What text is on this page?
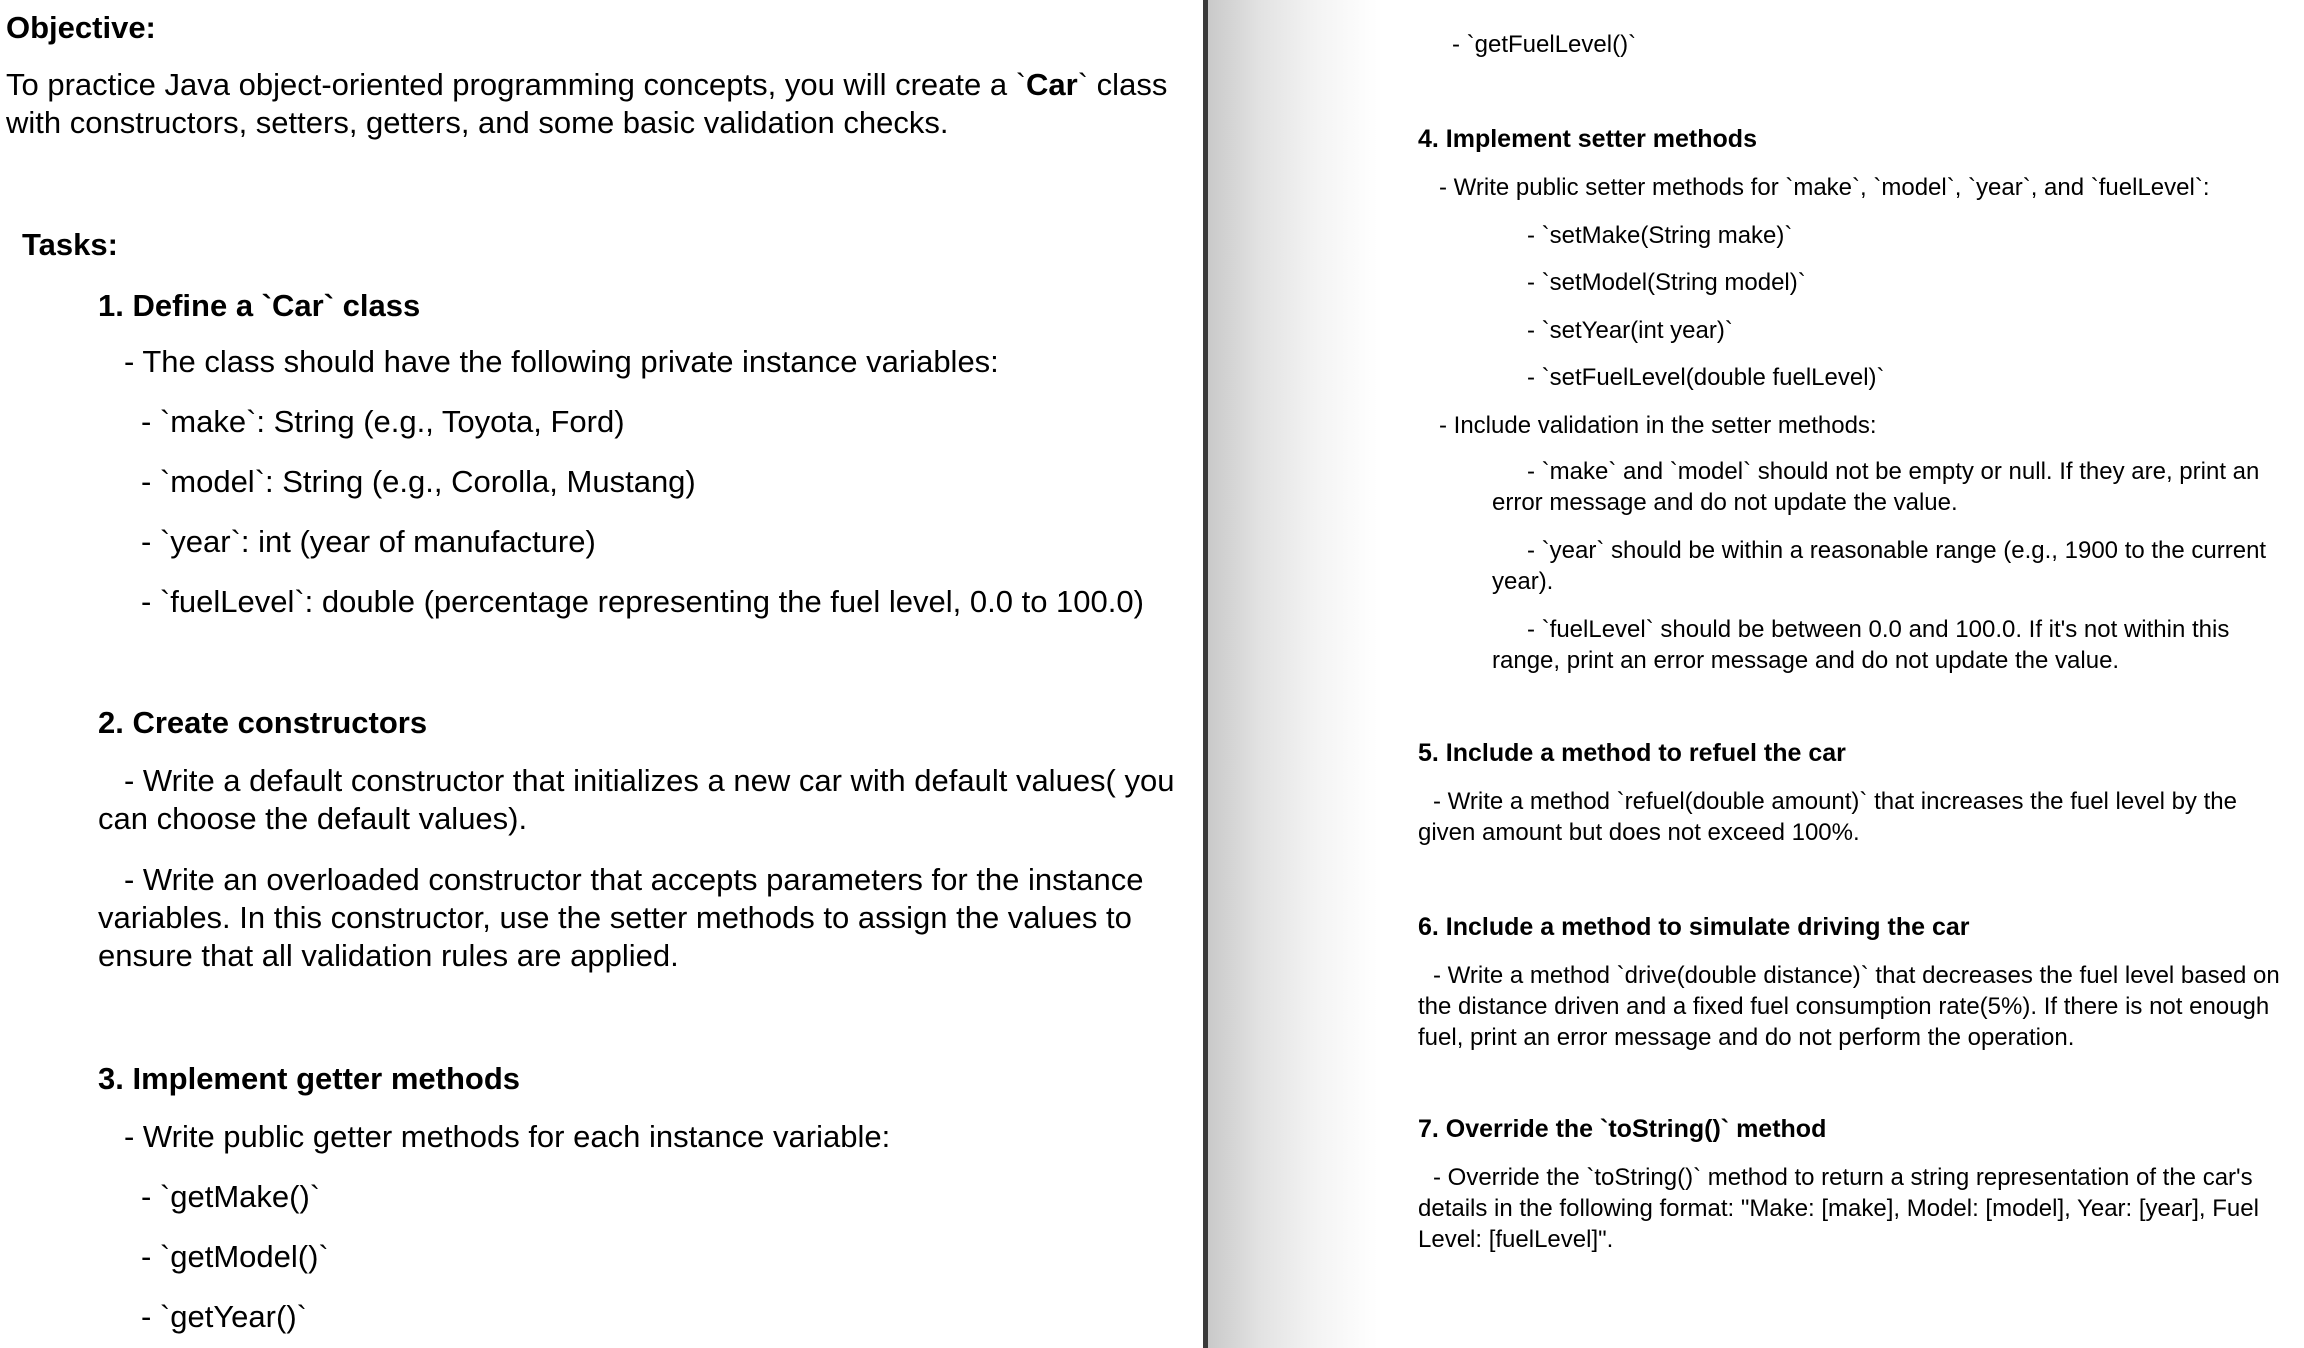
Objective:
To practice Java object-oriented programming concepts, you will create a `Car` class with constructors, setters, getters, and some basic validation checks.
Tasks:
1. Define a `Car` class
- The class should have the following private instance variables:
- `make`: String (e.g., Toyota, Ford)
- `model`: String (e.g., Corolla, Mustang)
- `year`: int (year of manufacture)
- `fuelLevel`: double (percentage representing the fuel level, 0.0 to 100.0)
2. Create constructors
- Write a default constructor that initializes a new car with default values( you can choose the default values).
- Write an overloaded constructor that accepts parameters for the instance variables. In this constructor, use the setter methods to assign the values to ensure that all validation rules are applied.
3. Implement getter methods
- Write public getter methods for each instance variable:
- `getMake()`
- `getModel()`
- `getYear()`
- `getFuelLevel()`
4. Implement setter methods
- Write public setter methods for `make`, `model`, `year`, and `fuelLevel`:
- `setMake(String make)`
- `setModel(String model)`
- `setYear(int year)`
- `setFuelLevel(double fuelLevel)`
- Include validation in the setter methods:
- `make` and `model` should not be empty or null. If they are, print an error message and do not update the value.
- `year` should be within a reasonable range (e.g., 1900 to the current year).
- `fuelLevel` should be between 0.0 and 100.0. If it's not within this range, print an error message and do not update the value.
5. Include a method to refuel the car
- Write a method `refuel(double amount)` that increases the fuel level by the given amount but does not exceed 100%.
6. Include a method to simulate driving the car
- Write a method `drive(double distance)` that decreases the fuel level based on the distance driven and a fixed fuel consumption rate(5%). If there is not enough fuel, print an error message and do not perform the operation.
7. Override the `toString()` method
- Override the `toString()` method to return a string representation of the car's details in the following format: "Make: [make], Model: [model], Year: [year], Fuel Level: [fuelLevel]".
